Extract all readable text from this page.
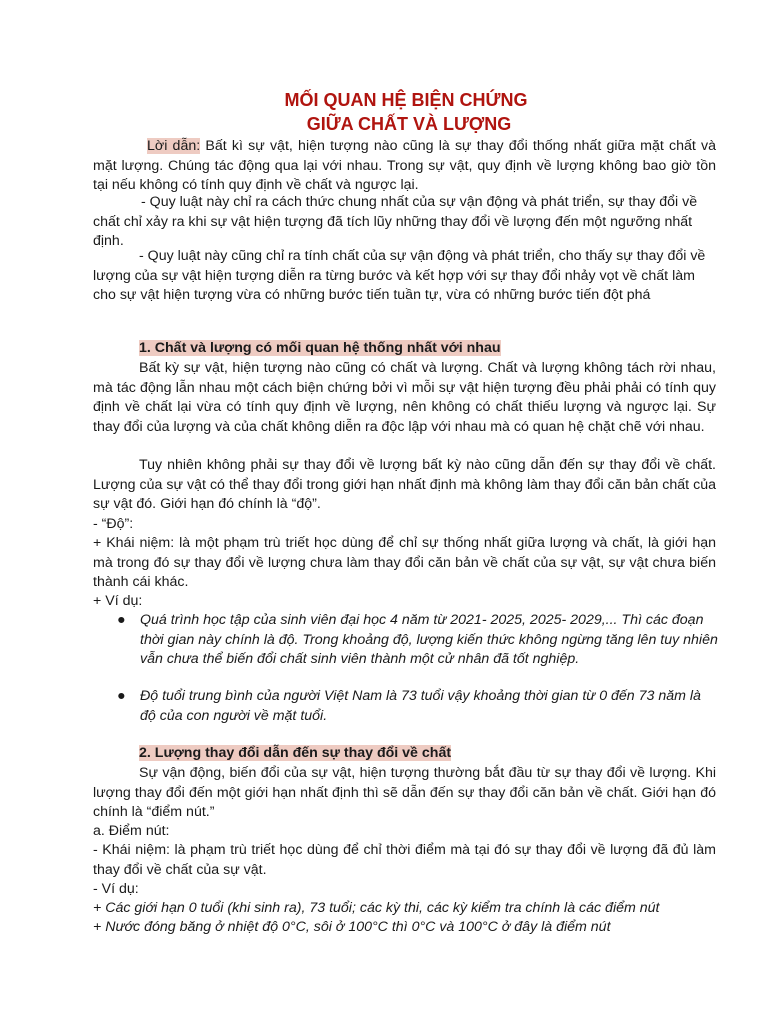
MỐI QUAN HỆ BIỆN CHỨNG
GIỮA CHẤT VÀ LƯỢNG

Lời dẫn: Bất kì sự vật, hiện tượng nào cũng là sự thay đổi thống nhất giữa mặt chất và mặt lượng. Chúng tác động qua lại với nhau. Trong sự vật, quy định về lượng không bao giờ tồn tại nếu không có tính quy định về chất và ngược lại.

- Quy luật này chỉ ra cách thức chung nhất của sự vận động và phát triển, sự thay đổi về chất chỉ xảy ra khi sự vật hiện tượng đã tích lũy những thay đổi về lượng đến một ngưỡng nhất định.

- Quy luật này cũng chỉ ra tính chất của sự vận động và phát triển, cho thấy sự thay đổi về lượng của sự vật hiện tượng diễn ra từng bước và kết hợp với sự thay đổi nhảy vọt về chất làm cho sự vật hiện tượng vừa có những bước tiến tuần tự, vừa có những bước tiến đột phá

1. Chất và lượng có mối quan hệ thống nhất với nhau

Bất kỳ sự vật, hiện tượng nào cũng có chất và lượng. Chất và lượng không tách rời nhau, mà tác động lẫn nhau một cách biện chứng bởi vì mỗi sự vật hiện tượng đều phải phải có tính quy định về chất lại vừa có tính quy định về lượng, nên không có chất thiếu lượng và ngược lại. Sự thay đổi của lượng và của chất không diễn ra độc lập với nhau mà có quan hệ chặt chẽ với nhau.

Tuy nhiên không phải sự thay đổi về lượng bất kỳ nào cũng dẫn đến sự thay đổi về chất. Lượng của sự vật có thể thay đổi trong giới hạn nhất định mà không làm thay đổi căn bản chất của sự vật đó. Giới hạn đó chính là “độ”.

- “Độ”:

+ Khái niệm: là một phạm trù triết học dùng để chỉ sự thống nhất giữa lượng và chất, là giới hạn mà trong đó sự thay đổi về lượng chưa làm thay đổi căn bản về chất của sự vật, sự vật chưa biến thành cái khác.

+ Ví dụ:

● Quá trình học tập của sinh viên đại học 4 năm từ 2021- 2025, 2025- 2029,... Thì các đoạn thời gian này chính là độ. Trong khoảng độ, lượng kiến thức không ngừng tăng lên tuy nhiên vẫn chưa thể biến đổi chất sinh viên thành một cử nhân đã tốt nghiệp.

● Độ tuổi trung bình của người Việt Nam là 73 tuổi vậy khoảng thời gian từ 0 đến 73 năm là độ của con người về mặt tuổi.

2. Lượng thay đổi dẫn đến sự thay đổi về chất

Sự vận động, biến đổi của sự vật, hiện tượng thường bắt đầu từ sự thay đổi về lượng. Khi lượng thay đổi đến một giới hạn nhất định thì sẽ dẫn đến sự thay đổi căn bản về chất. Giới hạn đó chính là “điểm nút.”

a. Điểm nút:

- Khái niệm: là phạm trù triết học dùng để chỉ thời điểm mà tại đó sự thay đổi về lượng đã đủ làm thay đổi về chất của sự vật.

- Ví dụ:

+ Các giới hạn 0 tuổi (khi sinh ra), 73 tuổi; các kỳ thi, các kỳ kiểm tra chính là các điểm nút

+ Nước đóng băng ở nhiệt độ 0°C, sôi ở 100°C thì 0°C và 100°C ở đây là điểm nút
